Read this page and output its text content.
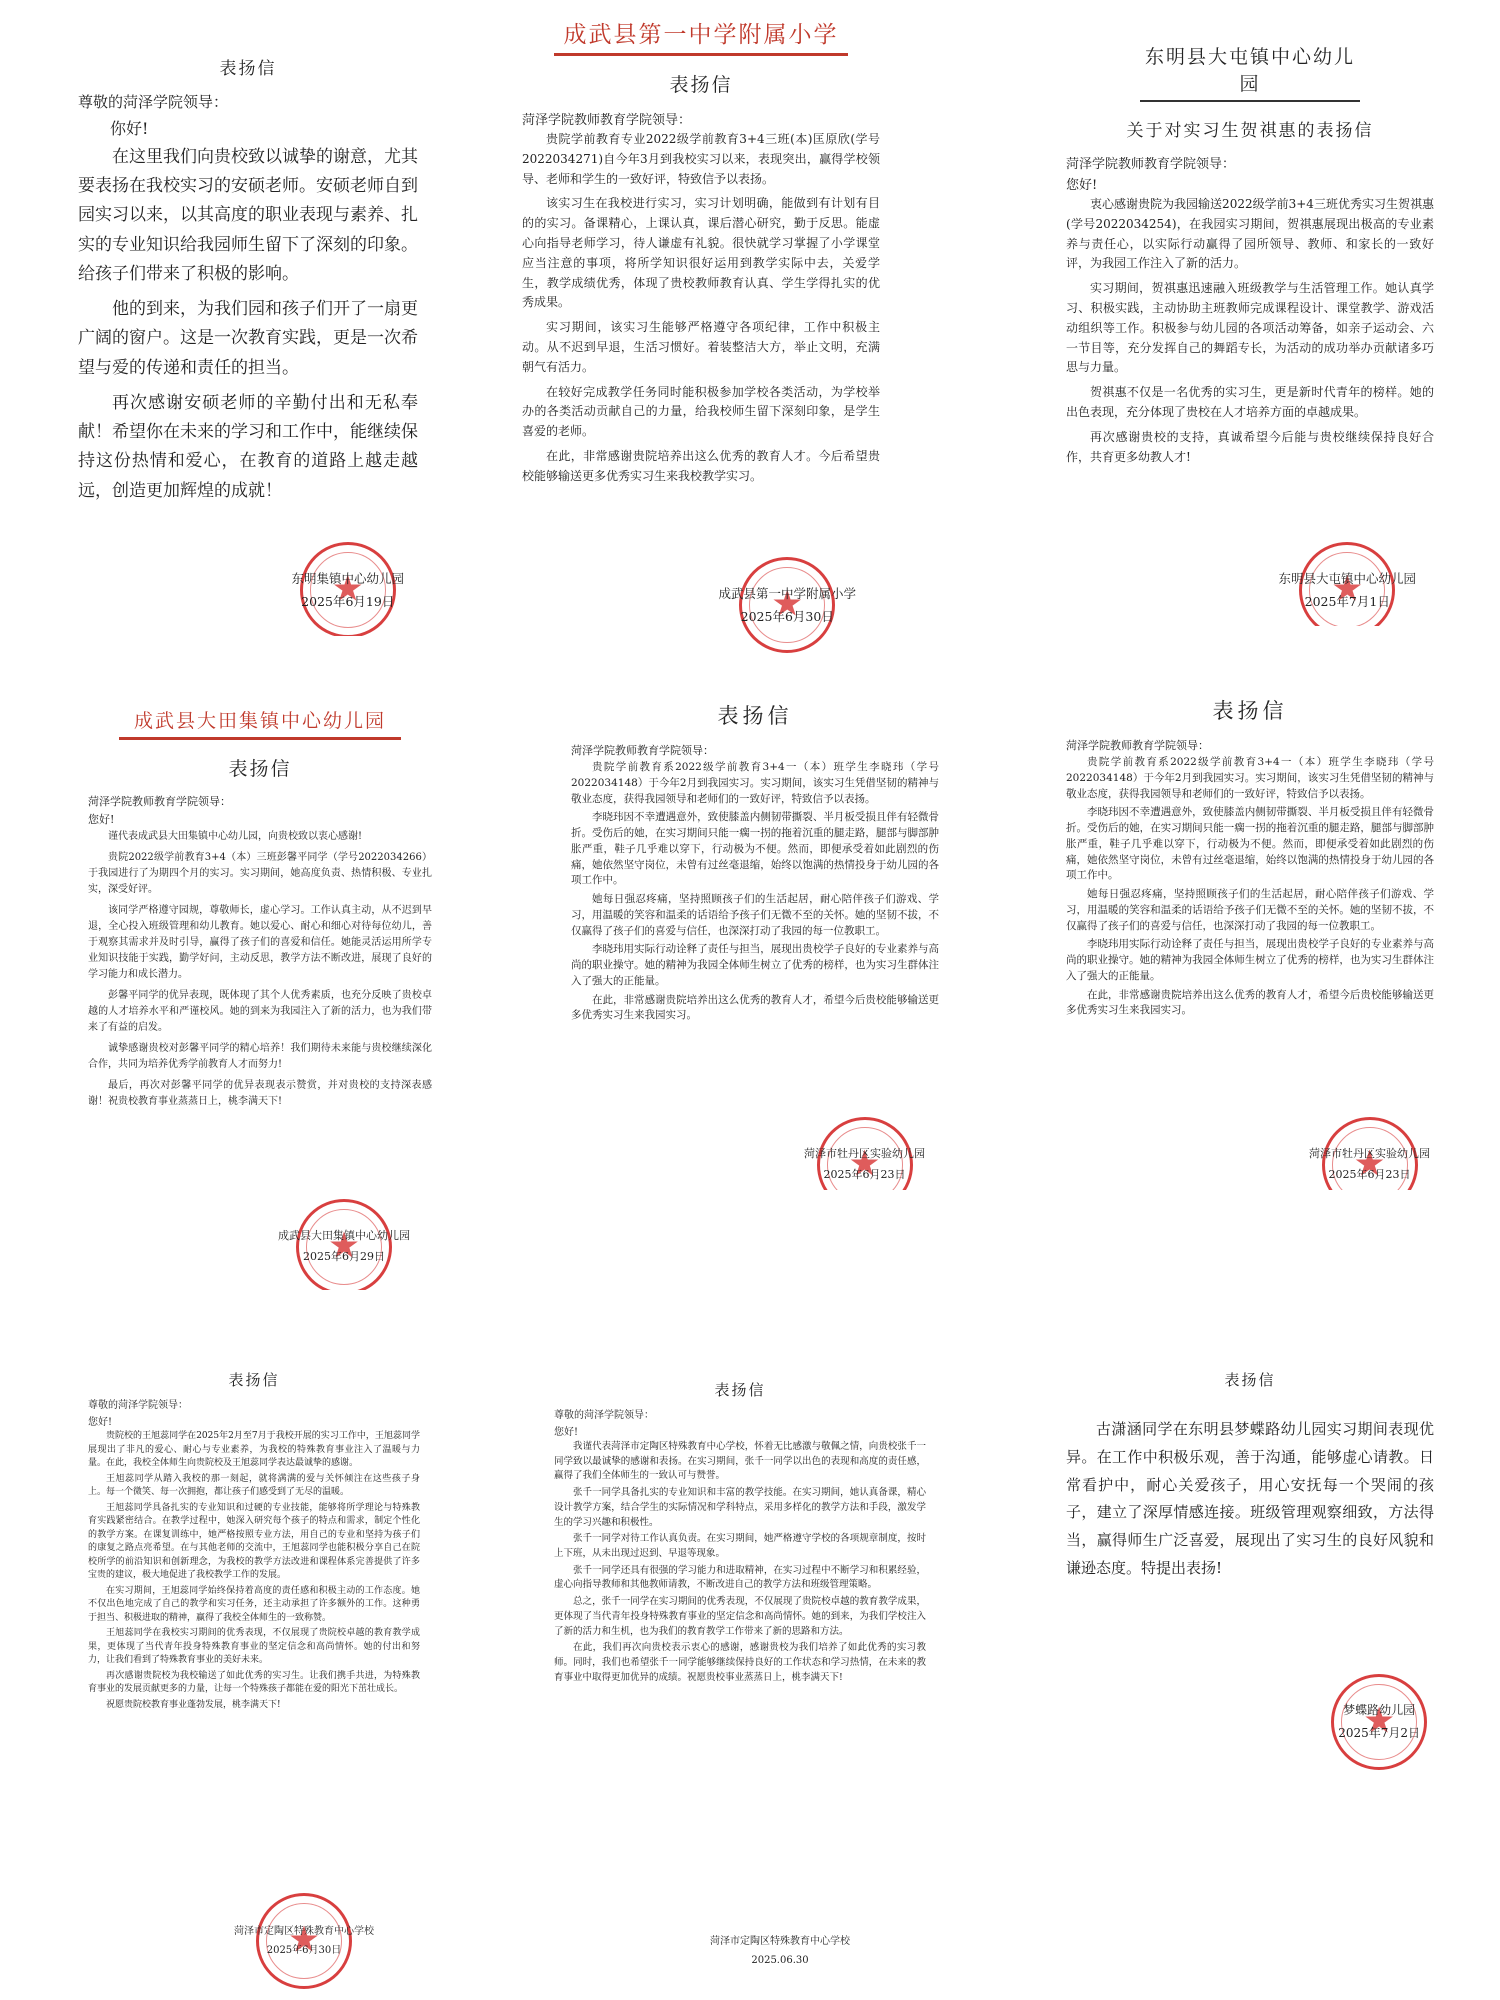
表扬信
尊敬的菏泽学院领导：
你好!

在这里我们向贵校致以诚挚的谢意，尤其要表扬在我校实习的安硕老师。安硕老师自到园实习以来，以其高度的职业表现与素养、扎实的专业知识给我园师生留下了深刻的印象。给孩子们带来了积极的影响。

他的到来，为我们园和孩子们开了一扇更广阔的窗户。这是一次教育实践，更是一次希望与爱的传递和责任的担当。

再次感谢安硕老师的辛勤付出和无私奉献！希望你在未来的学习和工作中，能继续保持这份热情和爱心，在教育的道路上越走越远，创造更加辉煌的成就！

★
东明集镇中心幼儿园
2025年6月19日
成武县第一中学附属小学
表扬信
菏泽学院教师教育学院领导：

贵院学前教育专业2022级学前教育3+4三班(本)匡原欣(学号2022034271)自今年3月到我校实习以来，表现突出，赢得学校领导、老师和学生的一致好评，特致信予以表扬。

该实习生在我校进行实习，实习计划明确，能做到有计划有目的的实习。备课精心，上课认真，课后潜心研究，勤于反思。能虚心向指导老师学习，待人谦虚有礼貌。很快就学习掌握了小学课堂应当注意的事项，将所学知识很好运用到教学实际中去，关爱学生，教学成绩优秀，体现了贵校教师教育认真、学生学得扎实的优秀成果。

实习期间，该实习生能够严格遵守各项纪律，工作中积极主动。从不迟到早退，生活习惯好。着装整洁大方，举止文明，充满朝气有活力。

在较好完成教学任务同时能积极参加学校各类活动，为学校举办的各类活动贡献自己的力量，给我校师生留下深刻印象，是学生喜爱的老师。

在此，非常感谢贵院培养出这么优秀的教育人才。今后希望贵校能够输送更多优秀实习生来我校教学实习。

★
成武县第一中学附属小学
2025年6月30日
东明县大屯镇中心幼儿园
关于对实习生贺祺惠的表扬信
菏泽学院教师教育学院领导：
您好!

衷心感谢贵院为我园输送2022级学前3+4三班优秀实习生贺祺惠(学号2022034254)，在我园实习期间，贺祺惠展现出极高的专业素养与责任心，以实际行动赢得了园所领导、教师、和家长的一致好评，为我园工作注入了新的活力。

实习期间，贺祺惠迅速融入班级教学与生活管理工作。她认真学习、积极实践，主动协助主班教师完成课程设计、课堂教学、游戏活动组织等工作。积极参与幼儿园的各项活动筹备，如亲子运动会、六一节目等，充分发挥自己的舞蹈专长，为活动的成功举办贡献诸多巧思与力量。

贺祺惠不仅是一名优秀的实习生，更是新时代青年的榜样。她的出色表现，充分体现了贵校在人才培养方面的卓越成果。

再次感谢贵校的支持，真诚希望今后能与贵校继续保持良好合作，共育更多幼教人才!

★
东明县大屯镇中心幼儿园
2025年7月1日
成武县大田集镇中心幼儿园
表扬信
菏泽学院教师教育学院领导：
您好!

谨代表成武县大田集镇中心幼儿园，向贵校致以衷心感谢!

贵院2022级学前教育3+4（本）三班彭馨平同学（学号2022034266）于我园进行了为期四个月的实习。实习期间，她高度负责、热情积极、专业扎实，深受好评。

该同学严格遵守园规，尊敬师长，虚心学习。工作认真主动，从不迟到早退，全心投入班级管理和幼儿教育。她以爱心、耐心和细心对待每位幼儿，善于观察其需求并及时引导，赢得了孩子们的喜爱和信任。她能灵活运用所学专业知识技能于实践，勤学好问，主动反思，教学方法不断改进，展现了良好的学习能力和成长潜力。

彭馨平同学的优异表现，既体现了其个人优秀素质，也充分反映了贵校卓越的人才培养水平和严谨校风。她的到来为我园注入了新的活力，也为我们带来了有益的启发。

诚挚感谢贵校对彭馨平同学的精心培养！我们期待未来能与贵校继续深化合作，共同为培养优秀学前教育人才而努力!

最后，再次对彭馨平同学的优异表现表示赞赏，并对贵校的支持深表感谢！祝贵校教育事业蒸蒸日上，桃李满天下!

★
成武县大田集镇中心幼儿园
2025年6月29日
表扬信
菏泽学院教师教育学院领导：

贵院学前教育系2022级学前教育3+4一（本）班学生李晓玮（学号2022034148）于今年2月到我园实习。实习期间，该实习生凭借坚韧的精神与敬业态度，获得我园领导和老师们的一致好评，特致信予以表扬。

李晓玮因不幸遭遇意外，致使膝盖内侧韧带撕裂、半月板受损且伴有轻微骨折。受伤后的她，在实习期间只能一瘸一拐的拖着沉重的腿走路，腿部与脚部肿胀严重，鞋子几乎难以穿下，行动极为不便。然而，即便承受着如此剧烈的伤痛，她依然坚守岗位，未曾有过丝毫退缩，始终以饱满的热情投身于幼儿园的各项工作中。

她每日强忍疼痛，坚持照顾孩子们的生活起居，耐心陪伴孩子们游戏、学习，用温暖的笑容和温柔的话语给予孩子们无微不至的关怀。她的坚韧不拔，不仅赢得了孩子们的喜爱与信任，也深深打动了我园的每一位教职工。

李晓玮用实际行动诠释了责任与担当，展现出贵校学子良好的专业素养与高尚的职业操守。她的精神为我园全体师生树立了优秀的榜样，也为实习生群体注入了强大的正能量。

在此，非常感谢贵院培养出这么优秀的教育人才，希望今后贵校能够输送更多优秀实习生来我园实习。

★
菏泽市牡丹区实验幼儿园
2025年6月23日
表扬信
菏泽学院教师教育学院领导：

贵院学前教育系2022级学前教育3+4一（本）班学生李晓玮（学号2022034148）于今年2月到我园实习。实习期间，该实习生凭借坚韧的精神与敬业态度，获得我园领导和老师们的一致好评，特致信予以表扬。

李晓玮因不幸遭遇意外，致使膝盖内侧韧带撕裂、半月板受损且伴有轻微骨折。受伤后的她，在实习期间只能一瘸一拐的拖着沉重的腿走路，腿部与脚部肿胀严重，鞋子几乎难以穿下，行动极为不便。然而，即便承受着如此剧烈的伤痛，她依然坚守岗位，未曾有过丝毫退缩，始终以饱满的热情投身于幼儿园的各项工作中。

她每日强忍疼痛，坚持照顾孩子们的生活起居，耐心陪伴孩子们游戏、学习，用温暖的笑容和温柔的话语给予孩子们无微不至的关怀。她的坚韧不拔，不仅赢得了孩子们的喜爱与信任，也深深打动了我园的每一位教职工。

李晓玮用实际行动诠释了责任与担当，展现出贵校学子良好的专业素养与高尚的职业操守。她的精神为我园全体师生树立了优秀的榜样，也为实习生群体注入了强大的正能量。

在此，非常感谢贵院培养出这么优秀的教育人才，希望今后贵校能够输送更多优秀实习生来我园实习。

★
菏泽市牡丹区实验幼儿园
2025年6月23日
表扬信
尊敬的菏泽学院领导：
您好!

贵院校的王旭蕊同学在2025年2月至7月于我校开展的实习工作中，王旭蕊同学展现出了非凡的爱心、耐心与专业素养，为我校的特殊教育事业注入了温暖与力量。在此，我校全体师生向贵院校及王旭蕊同学表达最诚挚的感谢。

王旭蕊同学从踏入我校的那一刻起，就将满满的爱与关怀倾注在这些孩子身上。每一个微笑、每一次拥抱，都让孩子们感受到了无尽的温暖。

王旭蕊同学具备扎实的专业知识和过硬的专业技能，能够将所学理论与特殊教育实践紧密结合。在教学过程中，她深入研究每个孩子的特点和需求，制定个性化的教学方案。在课复训练中，她严格按照专业方法，用自己的专业和坚持为孩子们的康复之路点亮希望。在与其他老师的交流中，王旭蕊同学也能积极分享自己在院校所学的前沿知识和创新理念，为我校的教学方法改进和课程体系完善提供了许多宝贵的建议，极大地促进了我校教学工作的发展。

在实习期间，王旭蕊同学始终保持着高度的责任感和积极主动的工作态度。她不仅出色地完成了自己的教学和实习任务，还主动承担了许多额外的工作。这种勇于担当、积极进取的精神，赢得了我校全体师生的一致称赞。

王旭蕊同学在我校实习期间的优秀表现，不仅展现了贵院校卓越的教育教学成果，更体现了当代青年投身特殊教育事业的坚定信念和高尚情怀。她的付出和努力，让我们看到了特殊教育事业的美好未来。

再次感谢贵院校为我校输送了如此优秀的实习生。让我们携手共进，为特殊教育事业的发展贡献更多的力量，让每一个特殊孩子都能在爱的阳光下茁壮成长。

祝愿贵院校教育事业蓬勃发展，桃李满天下!

★
菏泽市定陶区特殊教育中心学校
2025年6月30日
表扬信
尊敬的菏泽学院领导：
您好!

我谨代表菏泽市定陶区特殊教育中心学校，怀着无比感激与敬佩之情，向贵校张千一同学致以最诚挚的感谢和表扬。在实习期间，张千一同学以出色的表现和高度的责任感，赢得了我们全体师生的一致认可与赞誉。

张千一同学具备扎实的专业知识和丰富的教学技能。在实习期间，她认真备课，精心设计教学方案，结合学生的实际情况和学科特点，采用多样化的教学方法和手段，激发学生的学习兴趣和积极性。

张千一同学对待工作认真负责。在实习期间，她严格遵守学校的各项规章制度，按时上下班，从未出现过迟到、早退等现象。

张千一同学还具有很强的学习能力和进取精神，在实习过程中不断学习和积累经验，虚心向指导教师和其他教师请教，不断改进自己的教学方法和班级管理策略。

总之，张千一同学在实习期间的优秀表现，不仅展现了贵院校卓越的教育教学成果，更体现了当代青年投身特殊教育事业的坚定信念和高尚情怀。她的到来，为我们学校注入了新的活力和生机，也为我们的教育教学工作带来了新的思路和方法。

在此，我们再次向贵校表示衷心的感谢，感谢贵校为我们培养了如此优秀的实习教师。同时，我们也希望张千一同学能够继续保持良好的工作状态和学习热情，在未来的教育事业中取得更加优异的成绩。祝愿贵校事业蒸蒸日上，桃李满天下!

菏泽市定陶区特殊教育中心学校
2025.06.30
表扬信

古潇涵同学在东明县梦蝶路幼儿园实习期间表现优异。在工作中积极乐观，善于沟通，能够虚心请教。日常看护中，耐心关爱孩子，用心安抚每一个哭闹的孩子，建立了深厚情感连接。班级管理观察细致，方法得当，赢得师生广泛喜爱，展现出了实习生的良好风貌和谦逊态度。特提出表扬!

★
梦蝶路幼儿园
2025年7月2日
